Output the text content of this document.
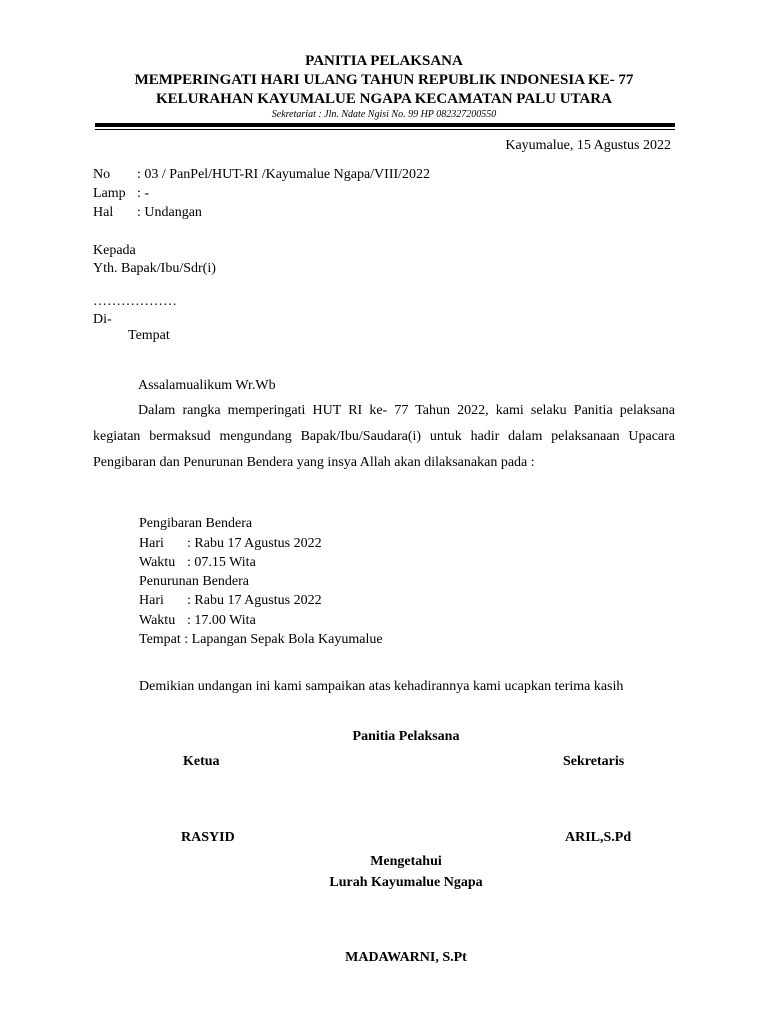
PANITIA PELAKSANA
MEMPERINGATI HARI ULANG TAHUN REPUBLIK INDONESIA KE- 77
KELURAHAN KAYUMALUE NGAPA KECAMATAN PALU UTARA
Sekretariat : Jln. Ndate Ngisi No. 99 HP 082327200550
Kayumalue, 15 Agustus 2022
No : 03 / PanPel/HUT-RI /Kayumalue Ngapa/VIII/2022
Lamp : -
Hal : Undangan
Kepada
Yth. Bapak/Ibu/Sdr(i)
………………
Di-
Tempat
Assalamualikum Wr.Wb
Dalam rangka memperingati HUT RI ke- 77 Tahun 2022, kami selaku Panitia pelaksana kegiatan bermaksud mengundang Bapak/Ibu/Saudara(i) untuk hadir dalam pelaksanaan Upacara Pengibaran dan Penurunan Bendera yang insya Allah akan dilaksanakan pada :
Pengibaran Bendera
Hari : Rabu 17 Agustus 2022
Waktu : 07.15 Wita
Penurunan Bendera
Hari : Rabu 17 Agustus 2022
Waktu : 17.00 Wita
Tempat : Lapangan Sepak Bola Kayumalue
Demikian undangan ini kami sampaikan atas kehadirannya kami ucapkan terima kasih
Panitia Pelaksana
Ketua	Sekretaris
RASYID	ARIL,S.Pd
Mengetahui
Lurah Kayumalue Ngapa
MADAWARNI, S.Pt
